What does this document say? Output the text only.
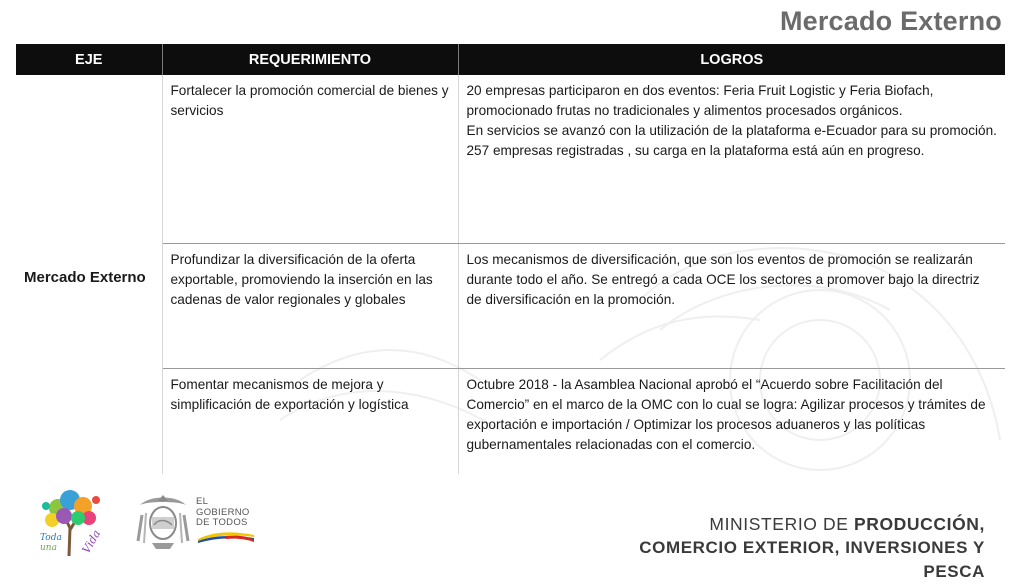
Mercado Externo
EJE	REQUERIMIENTO	LOGROS
Mercado Externo	Fortalecer la promoción comercial de bienes y servicios	20 empresas participaron en dos eventos: Feria Fruit Logistic y Feria Biofach, promocionado frutas no tradicionales y alimentos procesados orgánicos.
En servicios se avanzó con la utilización de la plataforma e-Ecuador para su promoción.
257 empresas registradas , su carga en la plataforma está aún en progreso.

	Profundizar la diversificación de la oferta exportable, promoviendo la inserción en las cadenas de valor regionales y globales	Los mecanismos de diversificación, que son los eventos de promoción se realizarán durante todo el año. Se entregó a cada OCE los sectores a promover bajo la directriz de diversificación en la promoción.

	Fomentar mecanismos de mejora y simplificación de exportación y logística	Octubre 2018 - la Asamblea Nacional aprobó el “Acuerdo sobre Facilitación del Comercio” en el marco de la OMC con lo cual se logra: Agilizar procesos y trámites de exportación e importación / Optimizar los procesos aduaneros y las políticas gubernamentales relacionadas con el comercio.
Toda
una Vida
EL
GOBIERNO
DE TODOS	MINISTERIO DE PRODUCCIÓN,
COMERCIO EXTERIOR, INVERSIONES Y PESCA
